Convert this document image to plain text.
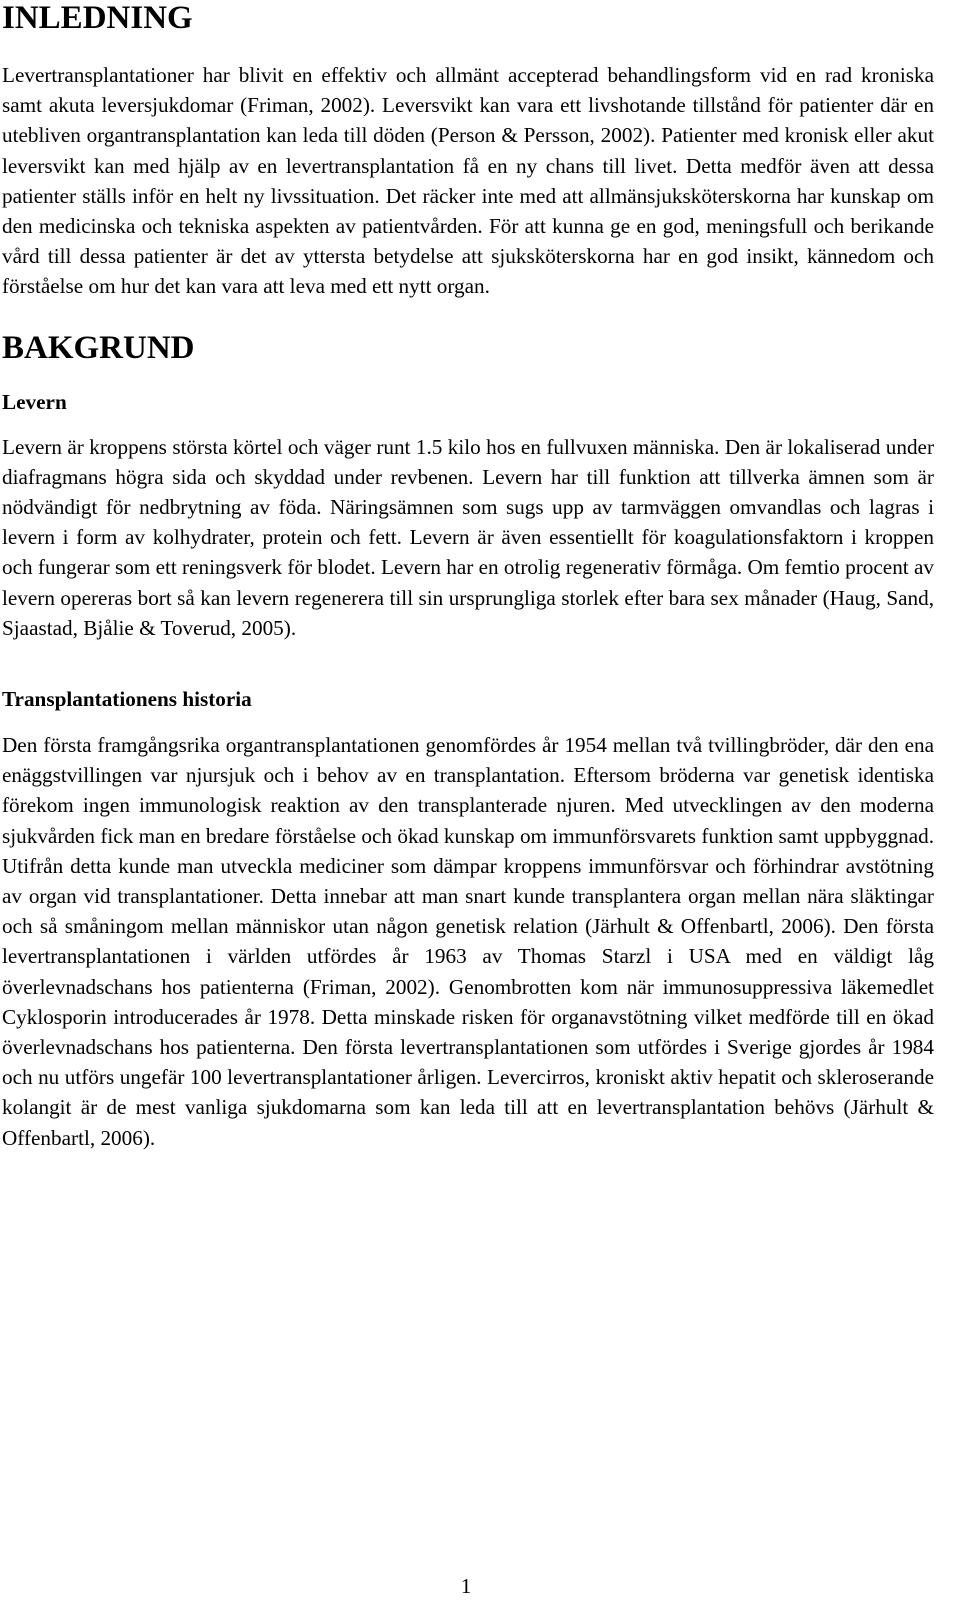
INLEDNING

Levertransplantationer har blivit en effektiv och allmänt accepterad behandlingsform vid en rad kroniska samt akuta leversjukdomar (Friman, 2002). Leversvikt kan vara ett livshotande tillstånd för patienter där en utebliven organtransplantation kan leda till döden (Person & Persson, 2002). Patienter med kronisk eller akut leversvikt kan med hjälp av en levertransplantation få en ny chans till livet. Detta medför även att dessa patienter ställs inför en helt ny livssituation. Det räcker inte med att allmänsjuksköterskorna har kunskap om den medicinska och tekniska aspekten av patientvården. För att kunna ge en god, meningsfull och berikande vård till dessa patienter är det av yttersta betydelse att sjuksköterskorna har en god insikt, kännedom och förståelse om hur det kan vara att leva med ett nytt organ.

BAKGRUND
Levern

Levern är kroppens största körtel och väger runt 1.5 kilo hos en fullvuxen människa. Den är lokaliserad under diafragmans högra sida och skyddad under revbenen. Levern har till funktion att tillverka ämnen som är nödvändigt för nedbrytning av föda. Näringsämnen som sugs upp av tarmväggen omvandlas och lagras i levern i form av kolhydrater, protein och fett. Levern är även essentiellt för koagulationsfaktorn i kroppen och fungerar som ett reningsverk för blodet. Levern har en otrolig regenerativ förmåga. Om femtio procent av levern opereras bort så kan levern regenerera till sin ursprungliga storlek efter bara sex månader (Haug, Sand, Sjaastad, Bjålie & Toverud, 2005).

Transplantationens historia

Den första framgångsrika organtransplantationen genomfördes år 1954 mellan två tvillingbröder, där den ena enäggstvillingen var njursjuk och i behov av en transplantation. Eftersom bröderna var genetisk identiska förekom ingen immunologisk reaktion av den transplanterade njuren. Med utvecklingen av den moderna sjukvården fick man en bredare förståelse och ökad kunskap om immunförsvarets funktion samt uppbyggnad. Utifrån detta kunde man utveckla mediciner som dämpar kroppens immunförsvar och förhindrar avstötning av organ vid transplantationer. Detta innebar att man snart kunde transplantera organ mellan nära släktingar och så småningom mellan människor utan någon genetisk relation (Järhult & Offenbartl, 2006). Den första levertransplantationen i världen utfördes år 1963 av Thomas Starzl i USA med en väldigt låg överlevnadschans hos patienterna (Friman, 2002). Genombrotten kom när immunosuppressiva läkemedlet Cyklosporin introducerades år 1978. Detta minskade risken för organavstötning vilket medförde till en ökad överlevnadschans hos patienterna. Den första levertransplantationen som utfördes i Sverige gjordes år 1984 och nu utförs ungefär 100 levertransplantationer årligen. Levercirros, kroniskt aktiv hepatit och skleroserande kolangit är de mest vanliga sjukdomarna som kan leda till att en levertransplantation behövs (Järhult & Offenbartl, 2006).

1
